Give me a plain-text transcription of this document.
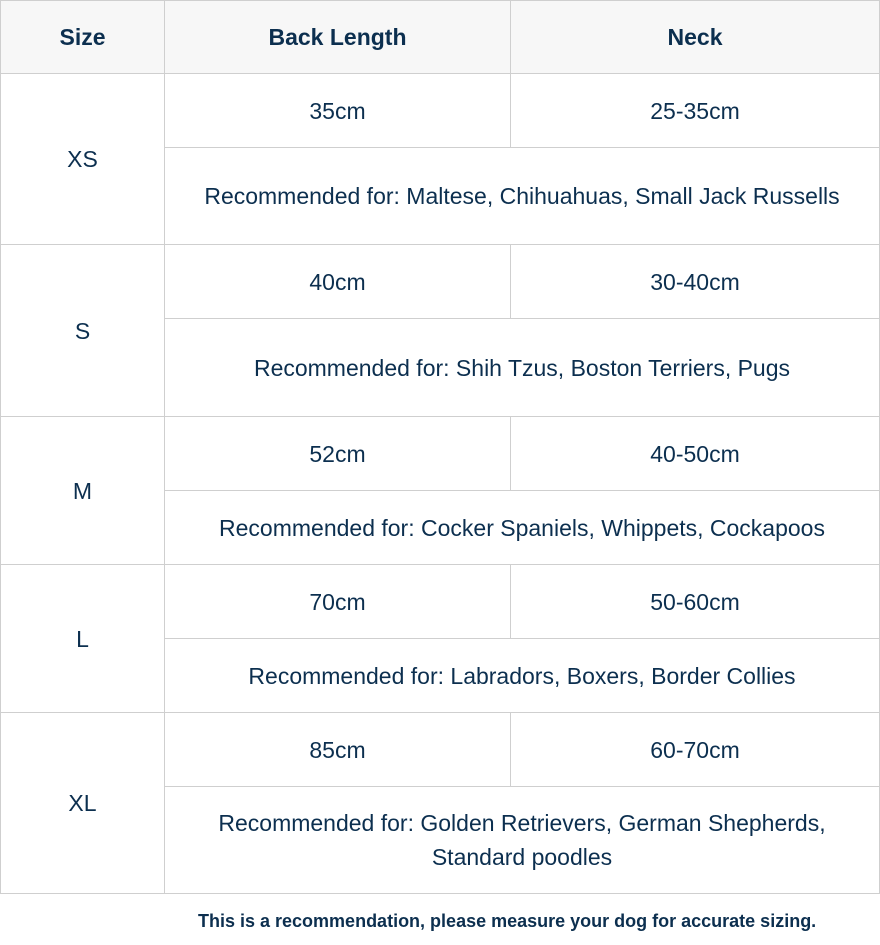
Size	Back Length	Neck
XS	35cm	25-35cm
	Recommended for: Maltese, Chihuahuas, Small Jack Russells	
S	40cm	30-40cm
	Recommended for: Shih Tzus, Boston Terriers, Pugs	
M	52cm	40-50cm
	Recommended for: Cocker Spaniels, Whippets, Cockapoos	
L	70cm	50-60cm
	Recommended for: Labradors, Boxers, Border Collies	
XL	85cm	60-70cm
	Recommended for: Golden Retrievers, German Shepherds, Standard poodles	
This is a recommendation, please measure your dog for accurate sizing.
